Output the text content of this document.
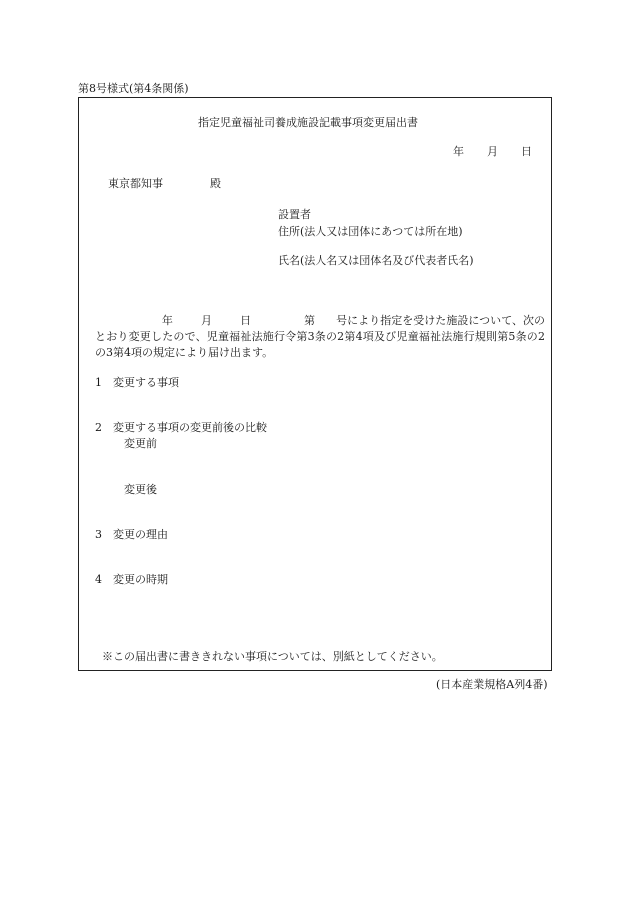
第8号様式(第4条関係)
指定児童福祉司養成施設記載事項変更届出書
年 月 日
東京都知事	殿
設置者
住所(法人又は団体にあつては所在地)
氏名(法人名又は団体名及び代表者氏名)
年	月	日	第 号により指定を受けた施設について、次のとおり変更したので、児童福祉法施行令第3条の2第4項及び児童福祉法施行規則第5条の2の3第4項の規定により届け出ます。
1 変更する事項
2 変更する事項の変更前後の比較
変更前
変更後
3 変更の理由
4 変更の時期
※この届出書に書ききれない事項については、別紙としてください。
(日本産業規格A列4番)
